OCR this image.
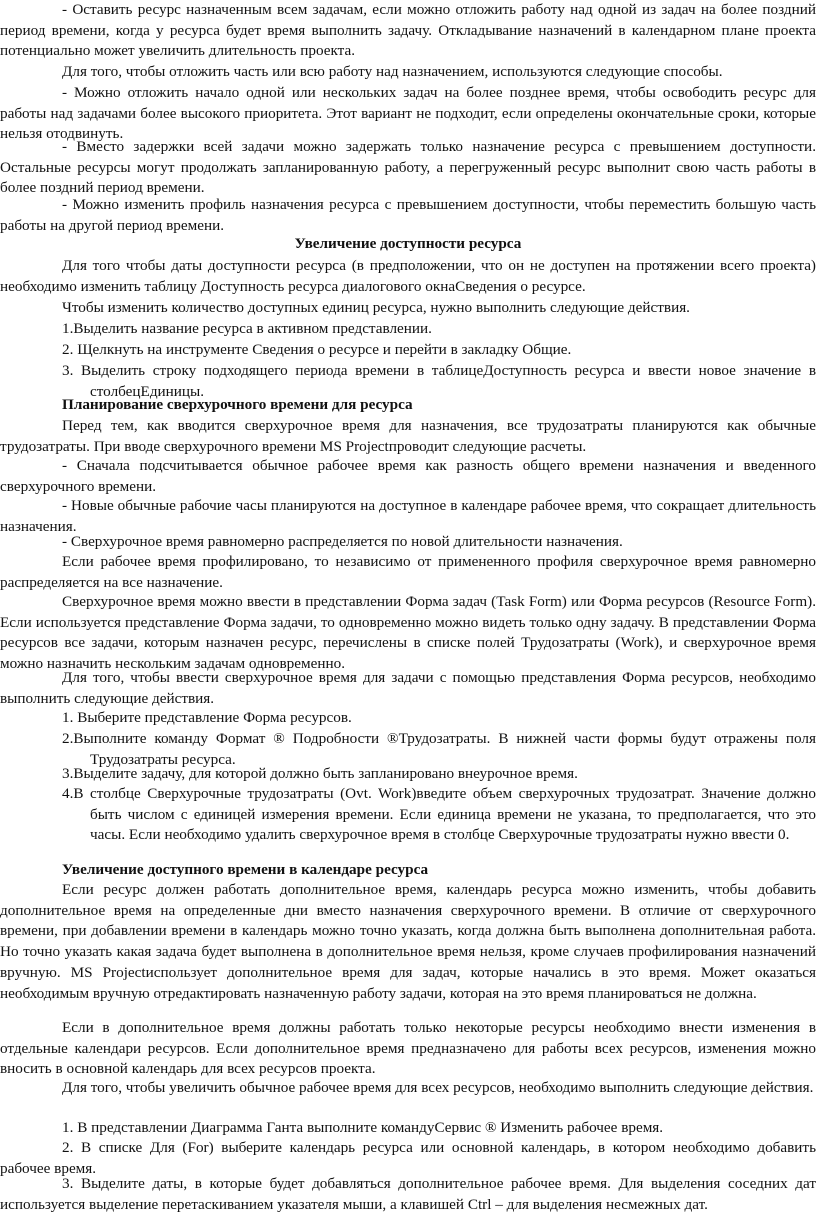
- Оставить ресурс назначенным всем задачам, если можно отложить работу над одной из задач на более поздний период времени, когда у ресурса будет время выполнить задачу. Откладывание назначений в календарном плане проекта потенциально может увеличить длительность проекта.

Для того, чтобы отложить часть или всю работу над назначением, используются следующие способы.

- Можно отложить начало одной или нескольких задач на более позднее время, чтобы освободить ресурс для работы над задачами более высокого приоритета. Этот вариант не подходит, если определены окончательные сроки, которые нельзя отодвинуть.

- Вместо задержки всей задачи можно задержать только назначение ресурса с превышением доступности. Остальные ресурсы могут продолжать запланированную работу, а перегруженный ресурс выполнит свою часть работы в более поздний период времени.

- Можно изменить профиль назначения ресурса с превышением доступности, чтобы переместить большую часть работы на другой период времени.

Увеличение доступности ресурса

Для того чтобы даты доступности ресурса (в предположении, что он не доступен на протяжении всего проекта) необходимо изменить таблицу Доступность ресурса диалогового окнаСведения о ресурсе.

Чтобы изменить количество доступных единиц ресурса, нужно выполнить следующие действия.

1.Выделить название ресурса в активном представлении.

2. Щелкнуть на инструменте Сведения о ресурсе и перейти в закладку Общие.

3. Выделить строку подходящего периода времени в таблицеДоступность ресурса и ввести новое значение в столбецЕдиницы.

Планирование сверхурочного времени для ресурса

Перед тем, как вводится сверхурочное время для назначения, все трудозатраты планируются как обычные трудозатраты. При вводе сверхурочного времени MS Projectпроводит следующие расчеты.

- Сначала подсчитывается обычное рабочее время как разность общего времени назначения и введенного сверхурочного времени.

- Новые обычные рабочие часы планируются на доступное в календаре рабочее время, что сокращает длительность назначения.

- Сверхурочное время равномерно распределяется по новой длительности назначения.

Если рабочее время профилировано, то независимо от примененного профиля сверхурочное время равномерно распределяется на все назначение.

Сверхурочное время можно ввести в представлении Форма задач (Task Form) или Форма ресурсов (Resource Form). Если используется представление Форма задачи, то одновременно можно видеть только одну задачу. В представлении Форма ресурсов все задачи, которым назначен ресурс, перечислены в списке полей Трудозатраты (Work), и сверхурочное время можно назначить нескольким задачам одновременно.

Для того, чтобы ввести сверхурочное время для задачи с помощью представления Форма ресурсов, необходимо выполнить следующие действия.

1. Выберите представление Форма ресурсов.

2.Выполните команду Формат ® Подробности ®Трудозатраты. В нижней части формы будут отражены поля Трудозатраты ресурса.

3.Выделите задачу, для которой должно быть запланировано внеурочное время.

4.В столбце Сверхурочные трудозатраты (Ovt. Work)введите объем сверхурочных трудозатрат. Значение должно быть числом с единицей измерения времени. Если единица времени не указана, то предполагается, что это часы. Если необходимо удалить сверхурочное время в столбце Сверхурочные трудозатраты нужно ввести 0.

Увеличение доступного времени в календаре ресурса

Если ресурс должен работать дополнительное время, календарь ресурса можно изменить, чтобы добавить дополнительное время на определенные дни вместо назначения сверхурочного времени. В отличие от сверхурочного времени, при добавлении времени в календарь можно точно указать, когда должна быть выполнена дополнительная работа. Но точно указать какая задача будет выполнена в дополнительное время нельзя, кроме случаев профилирования назначений вручную. MS Projectиспользует дополнительное время для задач, которые начались в это время. Может оказаться необходимым вручную отредактировать назначенную работу задачи, которая на это время планироваться не должна.

Если в дополнительное время должны работать только некоторые ресурсы необходимо внести изменения в отдельные календари ресурсов. Если дополнительное время предназначено для работы всех ресурсов, изменения можно вносить в основной календарь для всех ресурсов проекта.

Для того, чтобы увеличить обычное рабочее время для всех ресурсов, необходимо выполнить следующие действия.

1. В представлении Диаграмма Ганта выполните командуСервис ® Изменить рабочее время.

2. В списке Для (For) выберите календарь ресурса или основной календарь, в котором необходимо добавить рабочее время.

3. Выделите даты, в которые будет добавляться дополнительное рабочее время. Для выделения соседних дат используется выделение перетаскиванием указателя мыши, а клавишей Ctrl – для выделения несмежных дат.
